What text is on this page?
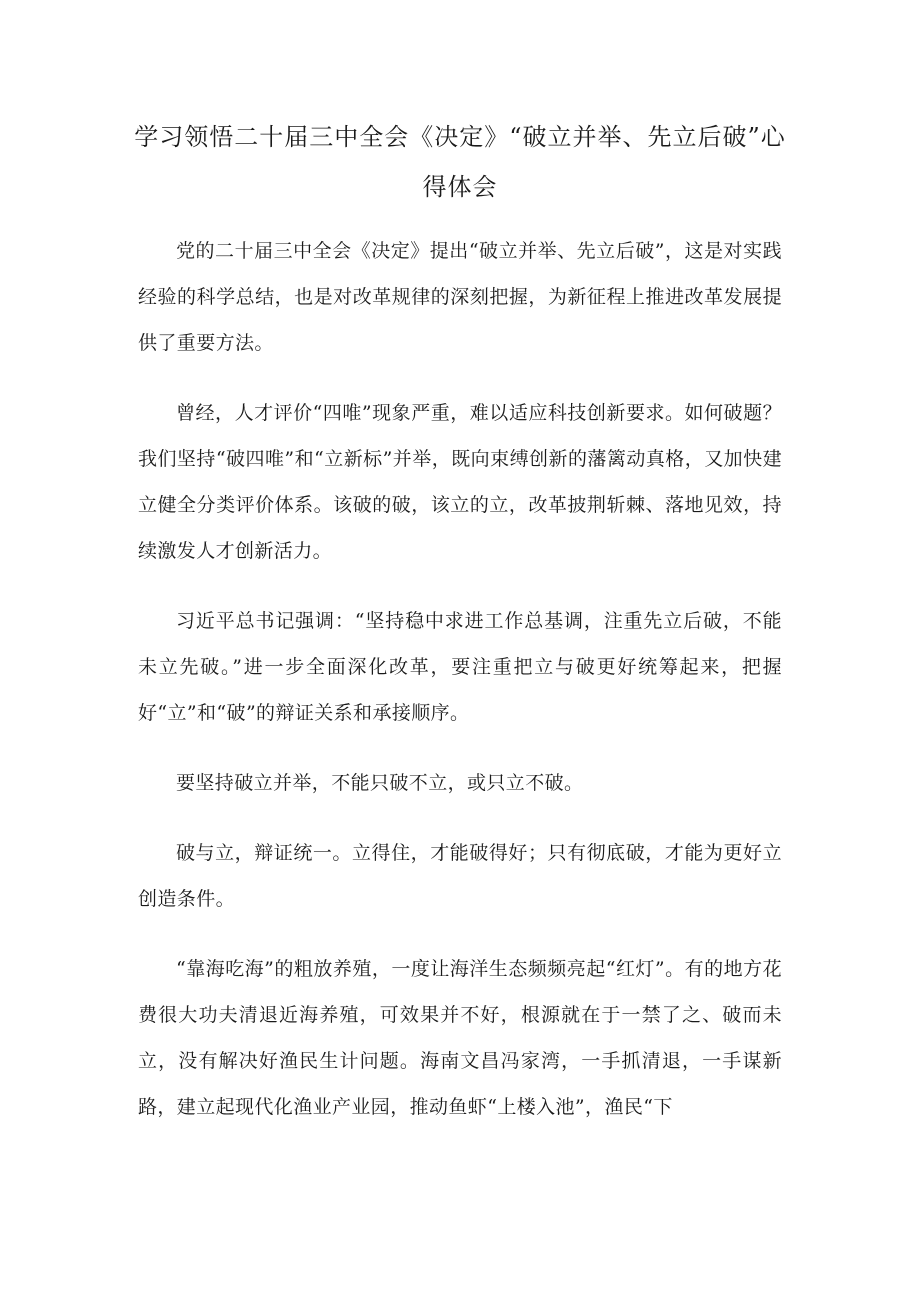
学习领悟二十届三中全会《决定》“破立并举、先立后破”心得体会

党的二十届三中全会《决定》提出“破立并举、先立后破”，这是对实践经验的科学总结，也是对改革规律的深刻把握，为新征程上推进改革发展提供了重要方法。

曾经，人才评价“四唯”现象严重，难以适应科技创新要求。如何破题？我们坚持“破四唯”和“立新标”并举，既向束缚创新的藩篱动真格，又加快建立健全分类评价体系。该破的破，该立的立，改革披荆斩棘、落地见效，持续激发人才创新活力。

习近平总书记强调：“坚持稳中求进工作总基调，注重先立后破，不能未立先破。”进一步全面深化改革，要注重把立与破更好统筹起来，把握好“立”和“破”的辩证关系和承接顺序。

要坚持破立并举，不能只破不立，或只立不破。

破与立，辩证统一。立得住，才能破得好；只有彻底破，才能为更好立创造条件。

“靠海吃海”的粗放养殖，一度让海洋生态频频亮起“红灯”。有的地方花费很大功夫清退近海养殖，可效果并不好，根源就在于一禁了之、破而未立，没有解决好渔民生计问题。海南文昌冯家湾，一手抓清退，一手谋新路，建立起现代化渔业产业园，推动鱼虾“上楼入池”，渔民“下
